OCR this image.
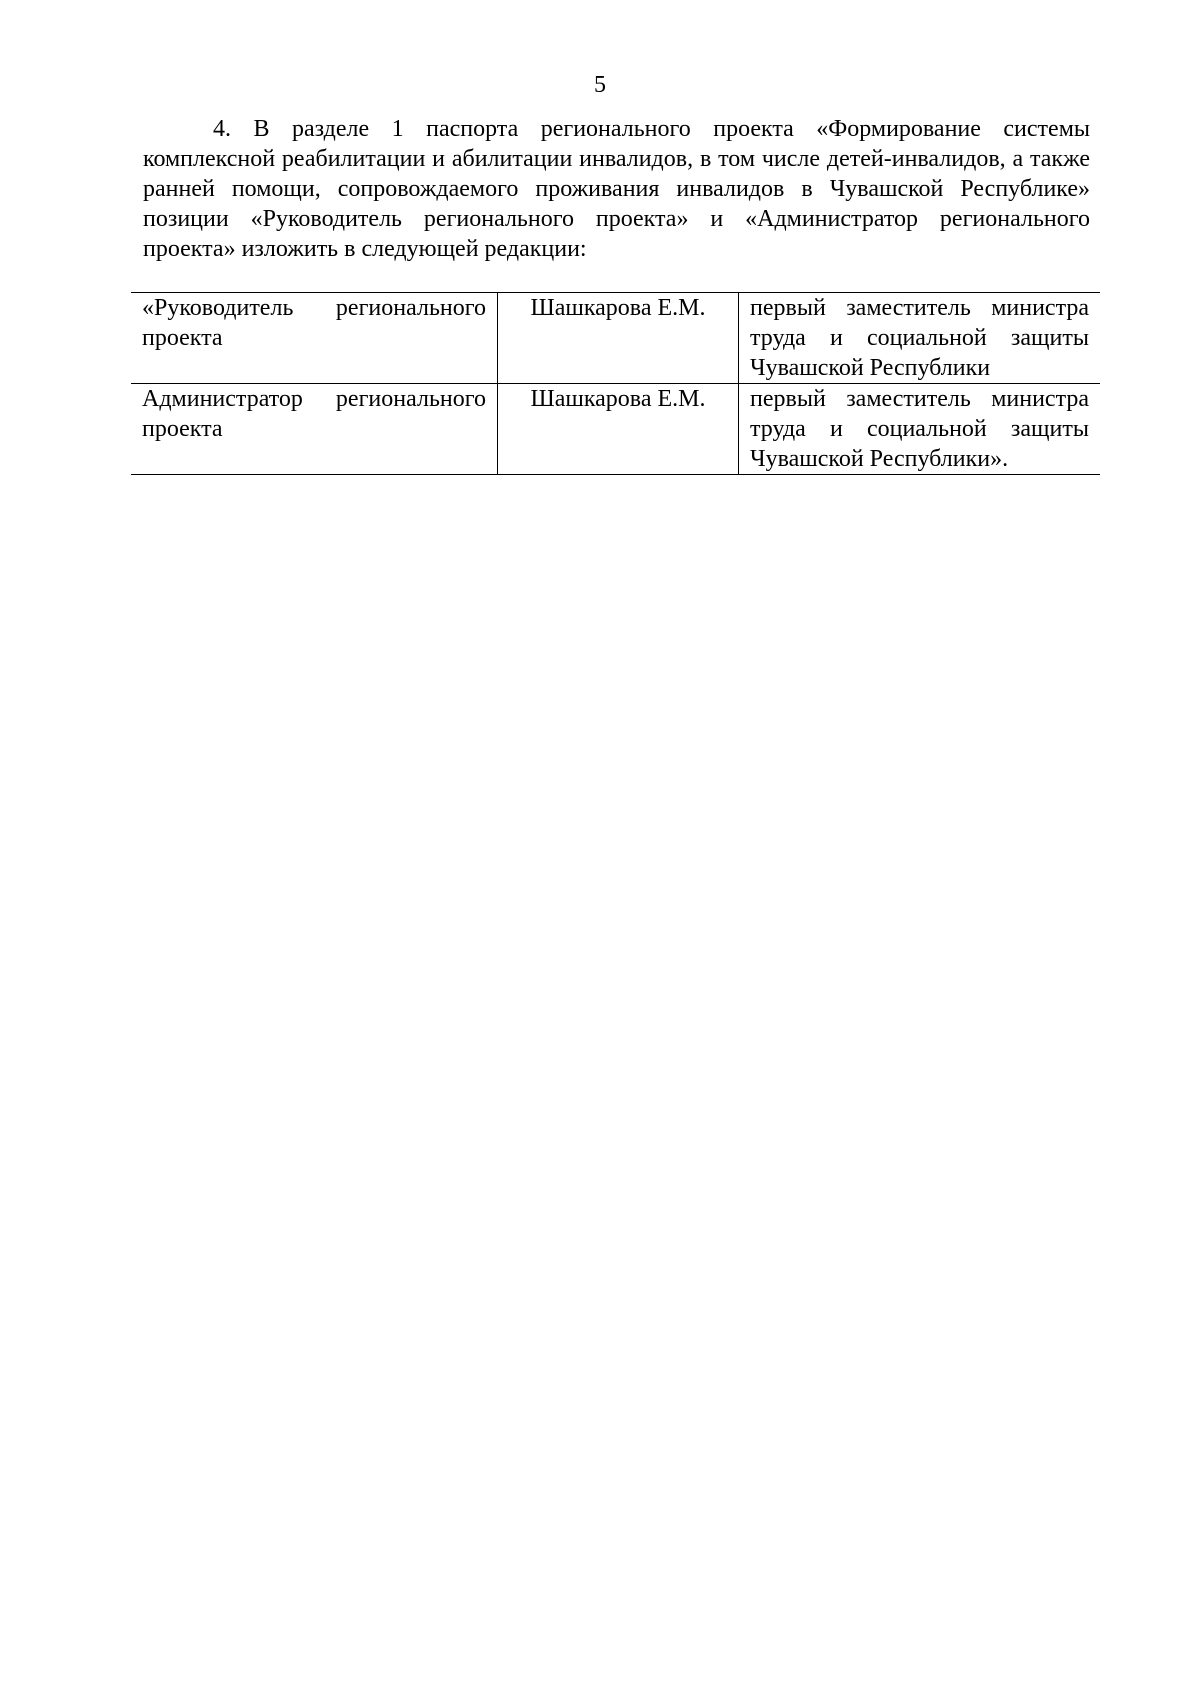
5

4. В разделе 1 паспорта регионального проекта «Формирование системы комплексной реабилитации и абилитации инвалидов, в том числе детей-инвалидов, а также ранней помощи, сопровождаемого проживания инвалидов в Чувашской Республике» позиции «Руководитель регионального проекта» и «Администратор регионального проекта» изложить в следующей редакции:

«Руководитель регионального проекта	Шашкарова Е.М.	первый заместитель министра труда и социальной защиты Чувашской Республики
Администратор регионального проекта	Шашкарова Е.М.	первый заместитель министра труда и социальной защиты Чувашской Республики».
